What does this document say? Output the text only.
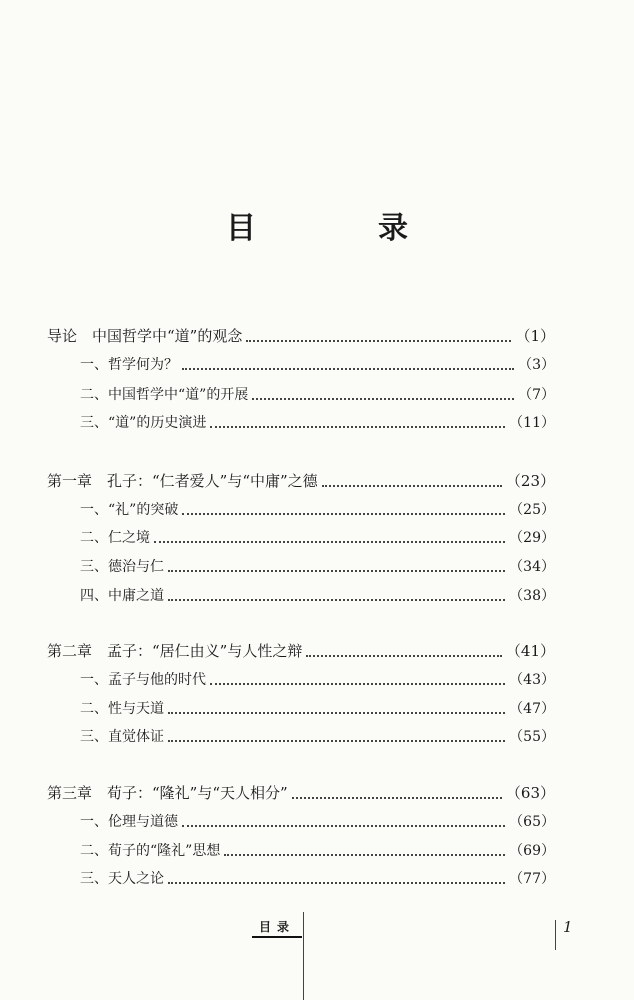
目　录
导论　中国哲学中“道”的观念	（1）
一、哲学何为？	（3）
二、中国哲学中“道”的开展	（7）
三、“道”的历史演进	（11）
第一章　孔子：“仁者爱人”与“中庸”之德	（23）
一、“礼”的突破	（25）
二、仁之境	（29）
三、德治与仁	（34）
四、中庸之道	（38）
第二章　孟子：“居仁由义”与人性之辩	（41）
一、孟子与他的时代	（43）
二、性与天道	（47）
三、直觉体证	（55）
第三章　荀子：“隆礼”与“天人相分”	（63）
一、伦理与道德	（65）
二、荀子的“隆礼”思想	（69）
三、天人之论	（77）
目录	1
